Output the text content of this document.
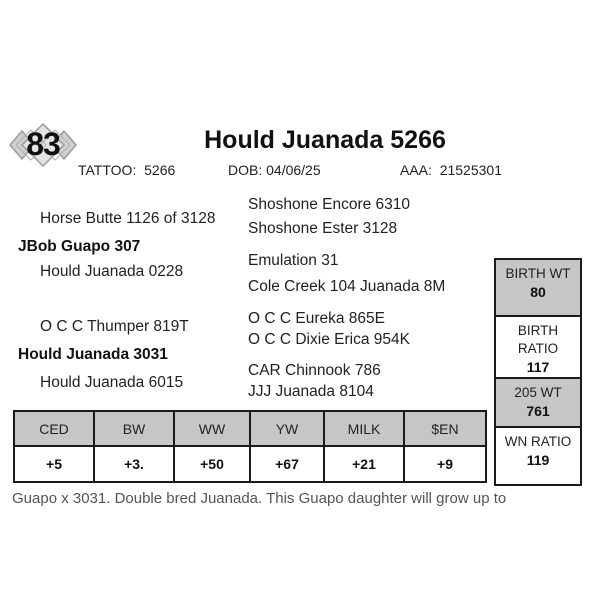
83	Hould Juanada 5266
TATTOO: 5266	DOB: 04/06/25	AAA: 21525301
Shoshone Encore 6310
Horse Butte 1126 of 3128
Shoshone Ester 3128
JBob Guapo 307
Emulation 31
Hould Juanada 0228
Cole Creek 104 Juanada 8M
O C C Eureka 865E
O C C Thumper 819T
O C C Dixie Erica 954K
Hould Juanada 3031
CAR Chinnook 786
Hould Juanada 6015
JJJ Juanada 8104
BIRTH WT
80
BIRTH
RATIO
117
205 WT
761
WN RATIO
119
CED	BW	WW	YW	MILK	$EN
+5	+3.	+50	+67	+21	+9
Guapo x 3031. Double bred Juanada. This Guapo daughter will grow up to
